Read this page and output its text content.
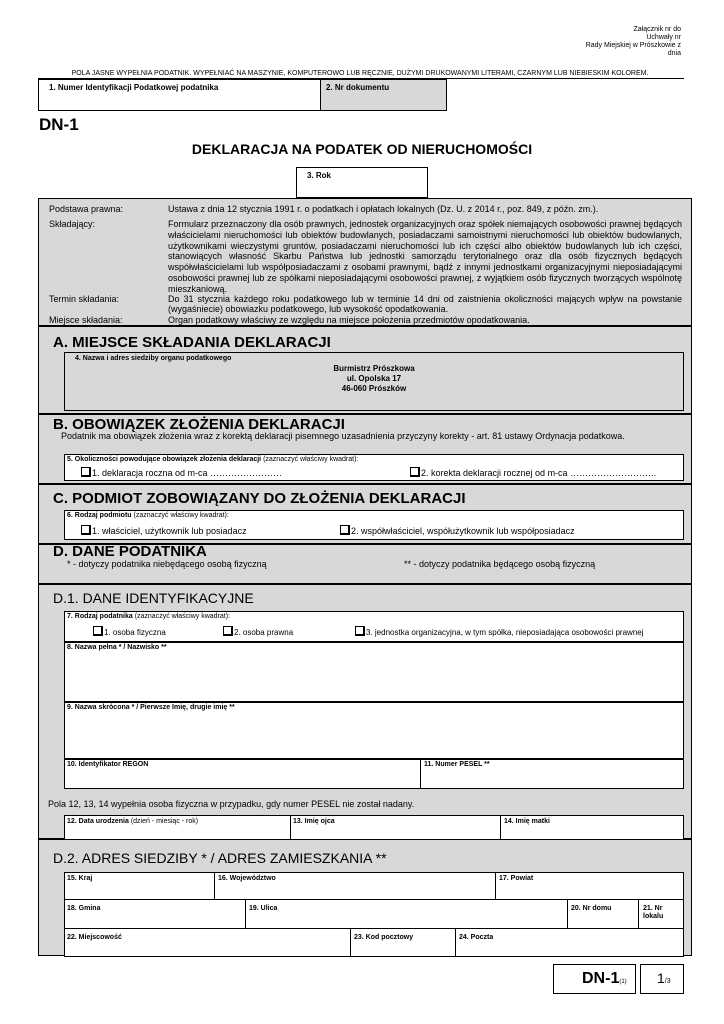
Załącznik nr do
Uchwały nr
Rady Miejskiej w Prószkowie z
dnia
POLA JASNE WYPEŁNIA PODATNIK. WYPEŁNIAĆ NA MASZYNIE, KOMPUTEROWO LUB RĘCZNIE, DUŻYMI DRUKOWANYMI LITERAMI, CZARNYM LUB NIEBIESKIM KOLOREM.
1. Numer Identyfikacji Podatkowej podatnika	2. Nr dokumentu
DN-1
DEKLARACJA NA PODATEK OD NIERUCHOMOŚCI
3. Rok
Podstawa prawna:	Ustawa z dnia 12 stycznia 1991 r. o podatkach i opłatach lokalnych (Dz. U. z 2014 r., poz. 849, z późn. zm.).
Składający:	Formularz przeznaczony dla osób prawnych, jednostek organizacyjnych oraz spółek niemających osobowości prawnej będących właścicielami nieruchomości lub obiektów budowlanych, posiadaczami samoistnymi nieruchomości lub obiektów budowlanych, użytkownikami wieczystymi gruntów, posiadaczami nieruchomości lub ich części albo obiektów budowlanych lub ich części, stanowiących własność Skarbu Państwa lub jednostki samorządu terytorialnego oraz dla osób fizycznych będących współwłaścicielami lub współposiadaczami z osobami prawnymi, bądź z innymi jednostkami organizacyjnymi nieposiadającymi osobowości prawnej lub ze spółkami nieposiadającymi osobowości prawnej, z wyjątkiem osób fizycznych tworzących wspólnotę mieszkaniową.
Termin składania:	Do 31 stycznia każdego roku podatkowego lub w terminie 14 dni od zaistnienia okoliczności mających wpływ na powstanie (wygaśniecie) obowiazku podatkowego, lub wysokość opodatkowania.
Miejsce składania:	Organ podatkowy właściwy ze względu na miejsce położenia przedmiotów opodatkowania.
A. MIEJSCE SKŁADANIA DEKLARACJI
4. Nazwa i adres siedziby organu podatkowego
Burmistrz Prószkowa
ul. Opolska 17
46-060 Prószków
B. OBOWIĄZEK ZŁOŻENIA DEKLARACJI
Podatnik ma obowiązek złożenia wraz z korektą deklaracji pisemnego uzasadnienia przyczyny korekty - art. 81 ustawy Ordynacja podatkowa.
5. Okoliczności powodujące obowiązek złożenia deklaracji (zaznaczyć właściwy kwadrat):
1. deklaracja roczna od m-ca ……………………	2. korekta deklaracji rocznej od m-ca ………………………..
C. PODMIOT ZOBOWIĄZANY DO ZŁOŻENIA DEKLARACJI
6. Rodzaj podmiotu (zaznaczyć właściwy kwadrat):
1. właściciel, użytkownik lub posiadacz	2. współwłaściciel, współużytkownik lub współposiadacz
D. DANE PODATNIKA
* - dotyczy podatnika niebędącego osobą fizyczną	** - dotyczy podatnika będącego osobą fizyczną
D.1. DANE IDENTYFIKACYJNE
7. Rodzaj podatnika (zaznaczyć właściwy kwadrat):
1. osoba fizyczna	2. osoba prawna	3. jednostka organizacyjna, w tym spółka, nieposiadająca osobowości prawnej
8. Nazwa pełna * / Nazwisko **
9. Nazwa skrócona * / Pierwsze Imię, drugie imię **
10. Identyfikator REGON	11. Numer PESEL **
Pola 12, 13, 14 wypełnia osoba fizyczna w przypadku, gdy numer PESEL nie został nadany.
12. Data urodzenia (dzień - miesiąc - rok)	13. Imię ojca	14. Imię matki
D.2. ADRES SIEDZIBY * / ADRES ZAMIESZKANIA **
15. Kraj	16. Województwo	17. Powiat
18. Gmina	19. Ulica	20. Nr domu	21. Nr
lokalu
22. Miejscowość	23. Kod pocztowy	24. Poczta
DN-1(1) 1/3
